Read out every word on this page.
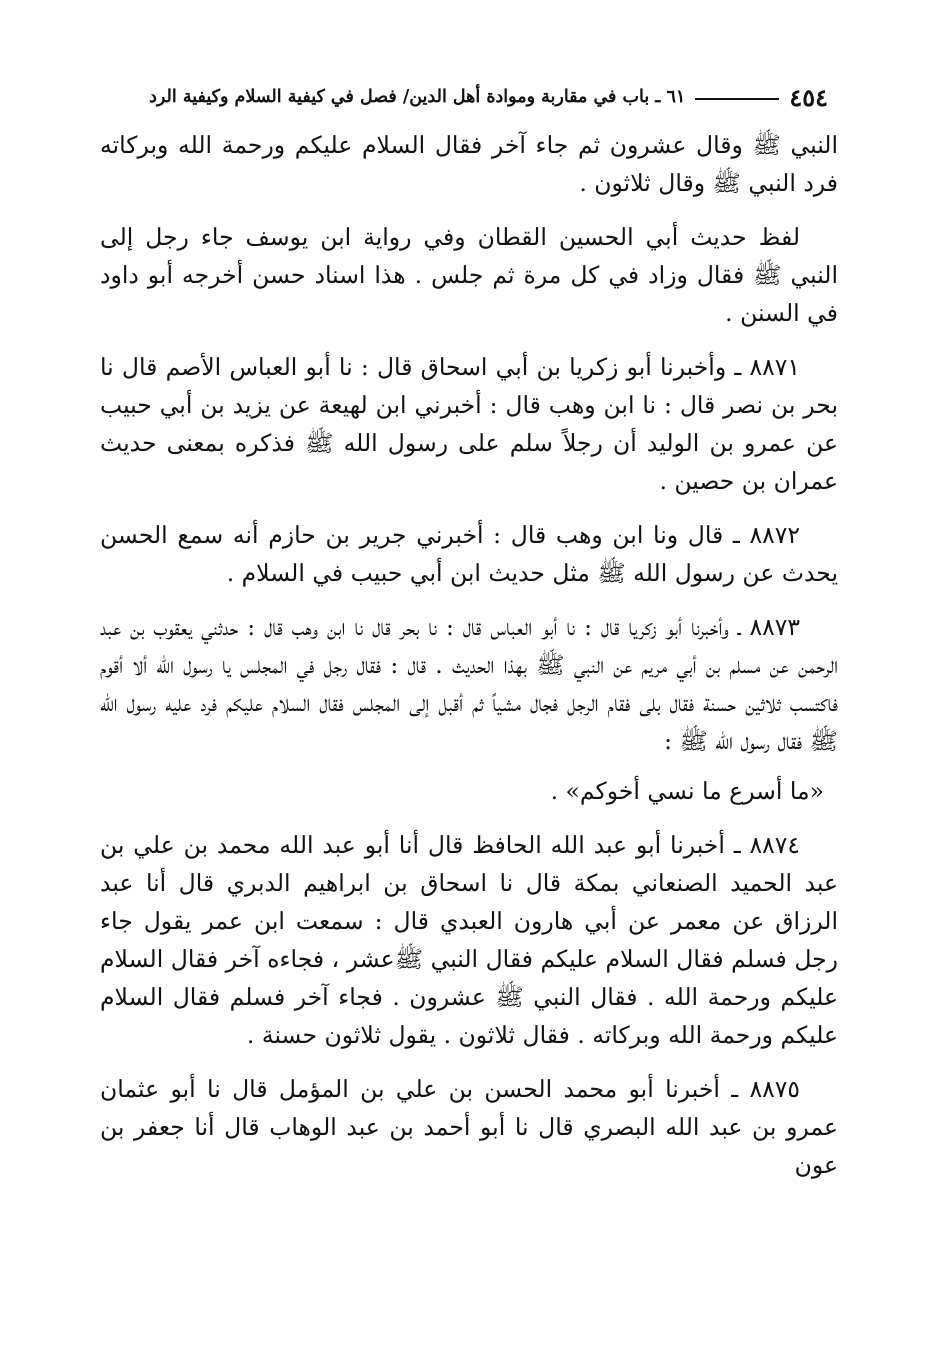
٤٥٤
٦١ ـ باب في مقاربة وموادة أهل الدين/ فصل في كيفية السلام وكيفية الرد

النبي ﷺ وقال عشرون ثم جاء آخر فقال السلام عليكم ورحمة الله وبركاته فرد النبي ﷺ وقال ثلاثون .

لفظ حديث أبي الحسين القطان وفي رواية ابن يوسف جاء رجل إلى النبي ﷺ فقال وزاد في كل مرة ثم جلس . هذا اسناد حسن أخرجه أبو داود في السنن .

٨٨٧١ ـ وأخبرنا أبو زكريا بن أبي اسحاق قال : نا أبو العباس الأصم قال نا بحر بن نصر قال : نا ابن وهب قال : أخبرني ابن لهيعة عن يزيد بن أبي حبيب عن عمرو بن الوليد أن رجلاً سلم على رسول الله ﷺ فذكره بمعنى حديث عمران بن حصين .

٨٨٧٢ ـ قال ونا ابن وهب قال : أخبرني جرير بن حازم أنه سمع الحسن يحدث عن رسول الله ﷺ مثل حديث ابن أبي حبيب في السلام .

٨٨٧٣ ـ وأخبرنا أبو زكريا قال : نا أبو العباس قال : نا بحر قال نا ابن وهب قال : حدثني يعقوب بن عبد الرحمن عن مسلم بن أبي مريم عن النبي ﷺ بهذا الحديث . قال : فقال رجل في المجلس يا رسول الله ألا أقوم فاكتسب ثلاثين حسنة فقال بلى فقام الرجل فجال مشياً ثم أقبل إلى المجلس فقال السلام عليكم فرد عليه رسول الله ﷺ فقال رسول الله ﷺ :

«ما أسرع ما نسي أخوكم» .

٨٨٧٤ ـ أخبرنا أبو عبد الله الحافظ قال أنا أبو عبد الله محمد بن علي بن عبد الحميد الصنعاني بمكة قال نا اسحاق بن ابراهيم الدبري قال أنا عبد الرزاق عن معمر عن أبي هارون العبدي قال : سمعت ابن عمر يقول جاء رجل فسلم فقال السلام عليكم فقال النبي ﷺعشر ، فجاءه آخر فقال السلام عليكم ورحمة الله . فقال النبي ﷺ عشرون . فجاء آخر فسلم فقال السلام عليكم ورحمة الله وبركاته . فقال ثلاثون . يقول ثلاثون حسنة .

٨٨٧٥ ـ أخبرنا أبو محمد الحسن بن علي بن المؤمل قال نا أبو عثمان عمرو بن عبد الله البصري قال نا أبو أحمد بن عبد الوهاب قال أنا جعفر بن عون
